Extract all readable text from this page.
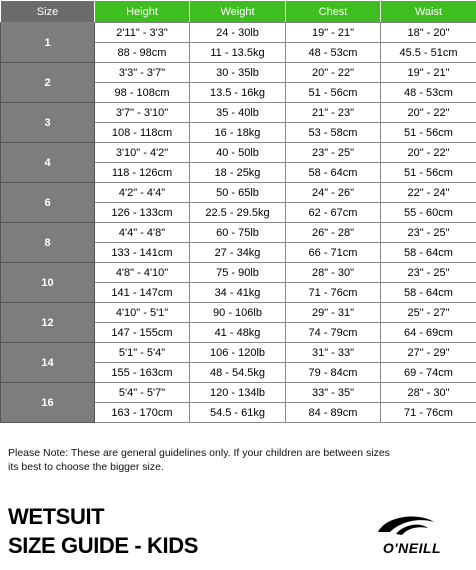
Size	Height	Weight	Chest	Waist
1	2'11" - 3'3"	24 - 30lb	19" - 21"	18" - 20"
	88 - 98cm	11 - 13.5kg	48 - 53cm	45.5 - 51cm
2	3'3" - 3'7"	30 - 35lb	20" - 22"	19" - 21"
	98 - 108cm	13.5 - 16kg	51 - 56cm	48 - 53cm
3	3'7" - 3'10"	35 - 40lb	21" - 23"	20" - 22"
	108 - 118cm	16 - 18kg	53 - 58cm	51 - 56cm
4	3'10" - 4'2"	40 - 50lb	23" - 25"	20" - 22"
	118 - 126cm	18 - 25kg	58 - 64cm	51 - 56cm
6	4'2" - 4'4"	50 - 65lb	24" - 26"	22" - 24"
	126 - 133cm	22.5 - 29.5kg	62 - 67cm	55 - 60cm
8	4'4" - 4'8"	60 - 75lb	26" - 28"	23" - 25"
	133 - 141cm	27 - 34kg	66 - 71cm	58 - 64cm
10	4'8" - 4'10"	75 - 90lb	28" - 30"	23" - 25"
	141 - 147cm	34 - 41kg	71 - 76cm	58 - 64cm
12	4'10" - 5'1"	90 - 106lb	29" - 31"	25" - 27"
	147 - 155cm	41 - 48kg	74 - 79cm	64 - 69cm
14	5'1" - 5'4"	106 - 120lb	31" - 33"	27" - 29"
	155 - 163cm	48 - 54.5kg	79 - 84cm	69 - 74cm
16	5'4" - 5'7"	120 - 134lb	33" - 35"	28" - 30"
	163 - 170cm	54.5 - 61kg	84 - 89cm	71 - 76cm
Please Note: These are general guidelines only. If your children are between sizes
its best to choose the bigger size.
WETSUIT
SIZE GUIDE - KIDS	O'NEILL
